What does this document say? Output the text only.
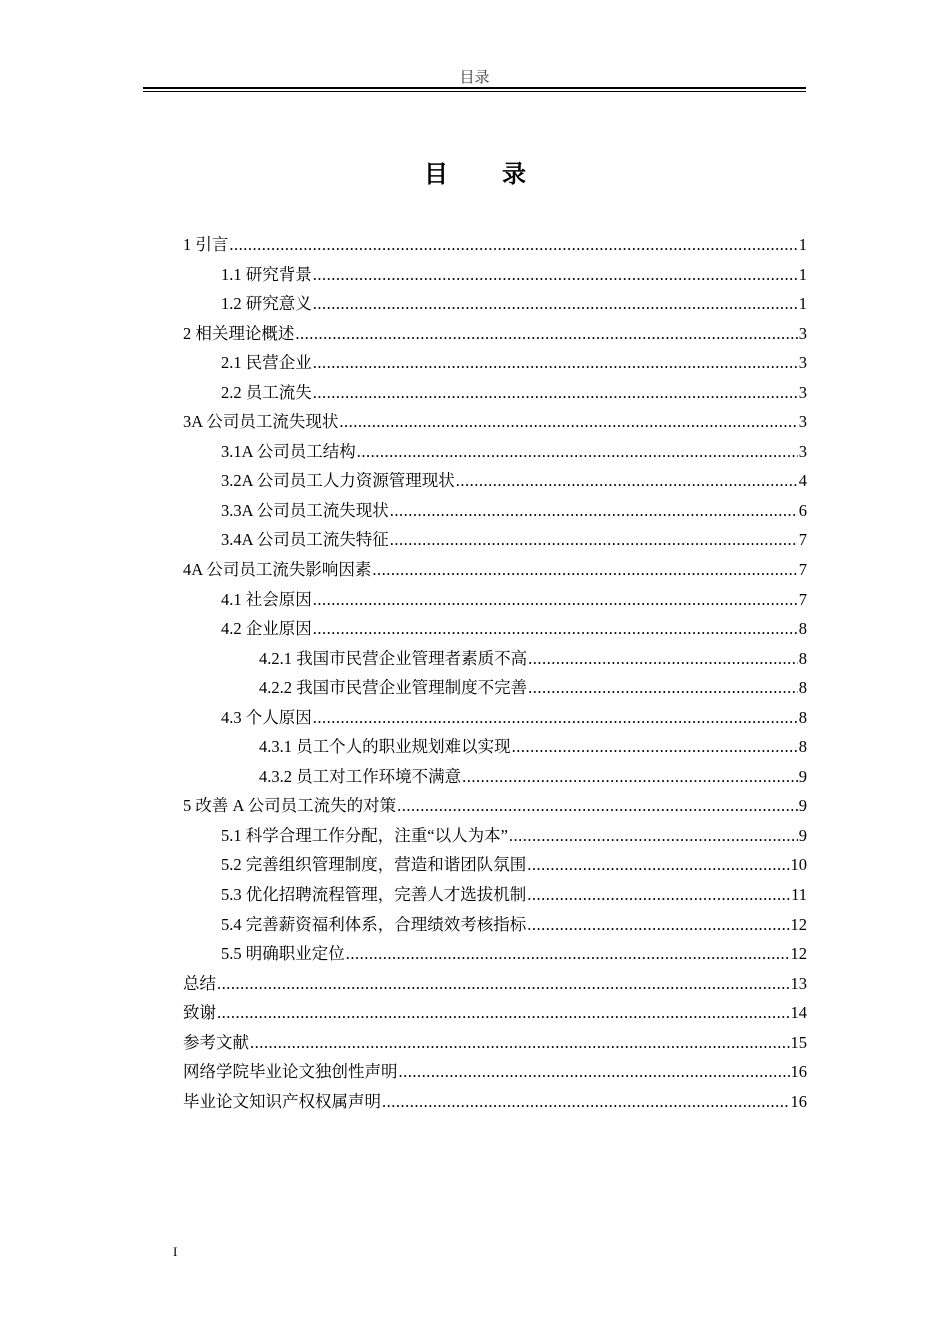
目录
目 录
1 引言 .....	1
1.1 研究背景 .....	1
1.2 研究意义 .....	1
2 相关理论概述 .....	3
2.1 民营企业 .....	3
2.2 员工流失 .....	3
3A 公司员工流失现状 .....	3
3.1A 公司员工结构 .....	3
3.2A 公司员工人力资源管理现状 .....	4
3.3A 公司员工流失现状 .....	6
3.4A 公司员工流失特征 .....	7
4A 公司员工流失影响因素 .....	7
4.1 社会原因 .....	7
4.2 企业原因 .....	8
4.2.1 我国市民营企业管理者素质不高 .....	8
4.2.2 我国市民营企业管理制度不完善 .....	8
4.3 个人原因 .....	8
4.3.1 员工个人的职业规划难以实现 .....	8
4.3.2 员工对工作环境不满意 .....	9
5 改善 A 公司员工流失的对策 .....	9
5.1 科学合理工作分配，注重“以人为本” .....	9
5.2 完善组织管理制度，营造和谐团队氛围 .....	10
5.3 优化招聘流程管理，完善人才选拔机制 .....	11
5.4 完善薪资福利体系，合理绩效考核指标 .....	12
5.5 明确职业定位 .....	12
总结 .....	13
致谢 .....	14
参考文献 .....	15
网络学院毕业论文独创性声明 .....	16
毕业论文知识产权权属声明 .....	16
I
